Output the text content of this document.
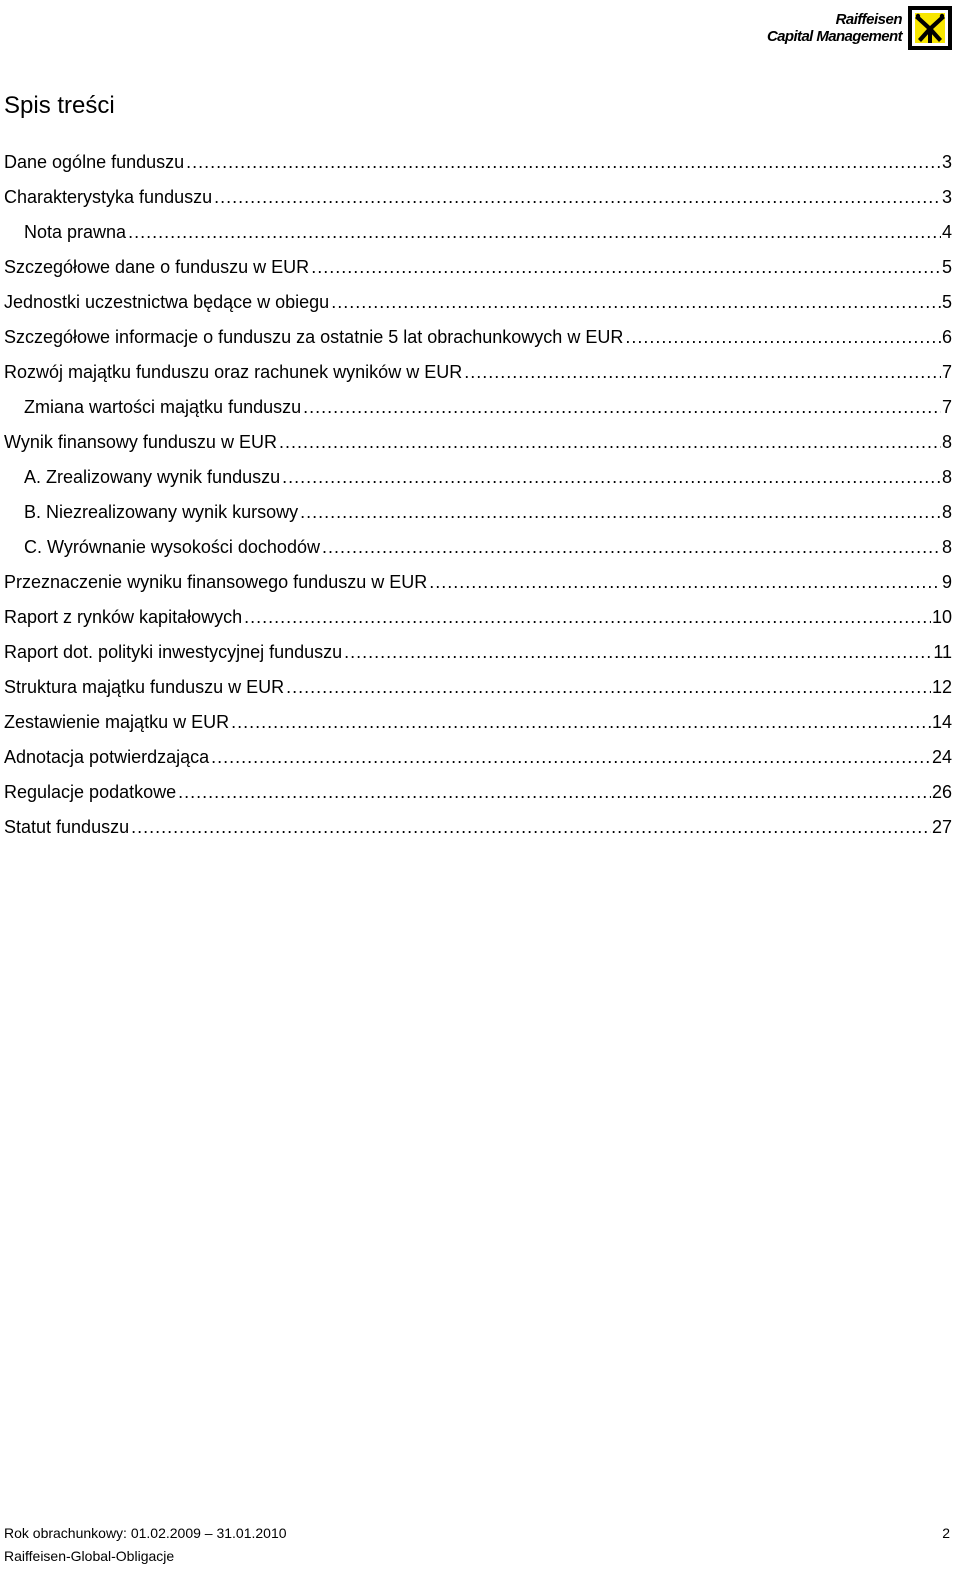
Raiffeisen
Capital Management
Spis treści
Dane ogólne funduszu .....	3
Charakterystyka funduszu .....	3
Nota prawna .....	4
Szczegółowe dane o funduszu w EUR .....	5
Jednostki uczestnictwa będące w obiegu .....	5
Szczegółowe informacje o funduszu za ostatnie 5 lat obrachunkowych w EUR .....	6
Rozwój majątku funduszu oraz rachunek wyników w EUR .....	7
Zmiana wartości majątku funduszu .....	7
Wynik finansowy funduszu w EUR .....	8
A. Zrealizowany wynik funduszu .....	8
B. Niezrealizowany wynik kursowy .....	8
C. Wyrównanie wysokości dochodów .....	8
Przeznaczenie wyniku finansowego funduszu w EUR .....	9
Raport z rynków kapitałowych .....	10
Raport dot. polityki inwestycyjnej funduszu .....	11
Struktura majątku funduszu w EUR .....	12
Zestawienie majątku w EUR .....	14
Adnotacja potwierdzająca .....	24
Regulacje podatkowe .....	26
Statut funduszu .....	27
Rok obrachunkowy: 01.02.2009 – 31.01.2010	2
Raiffeisen-Global-Obligacje
